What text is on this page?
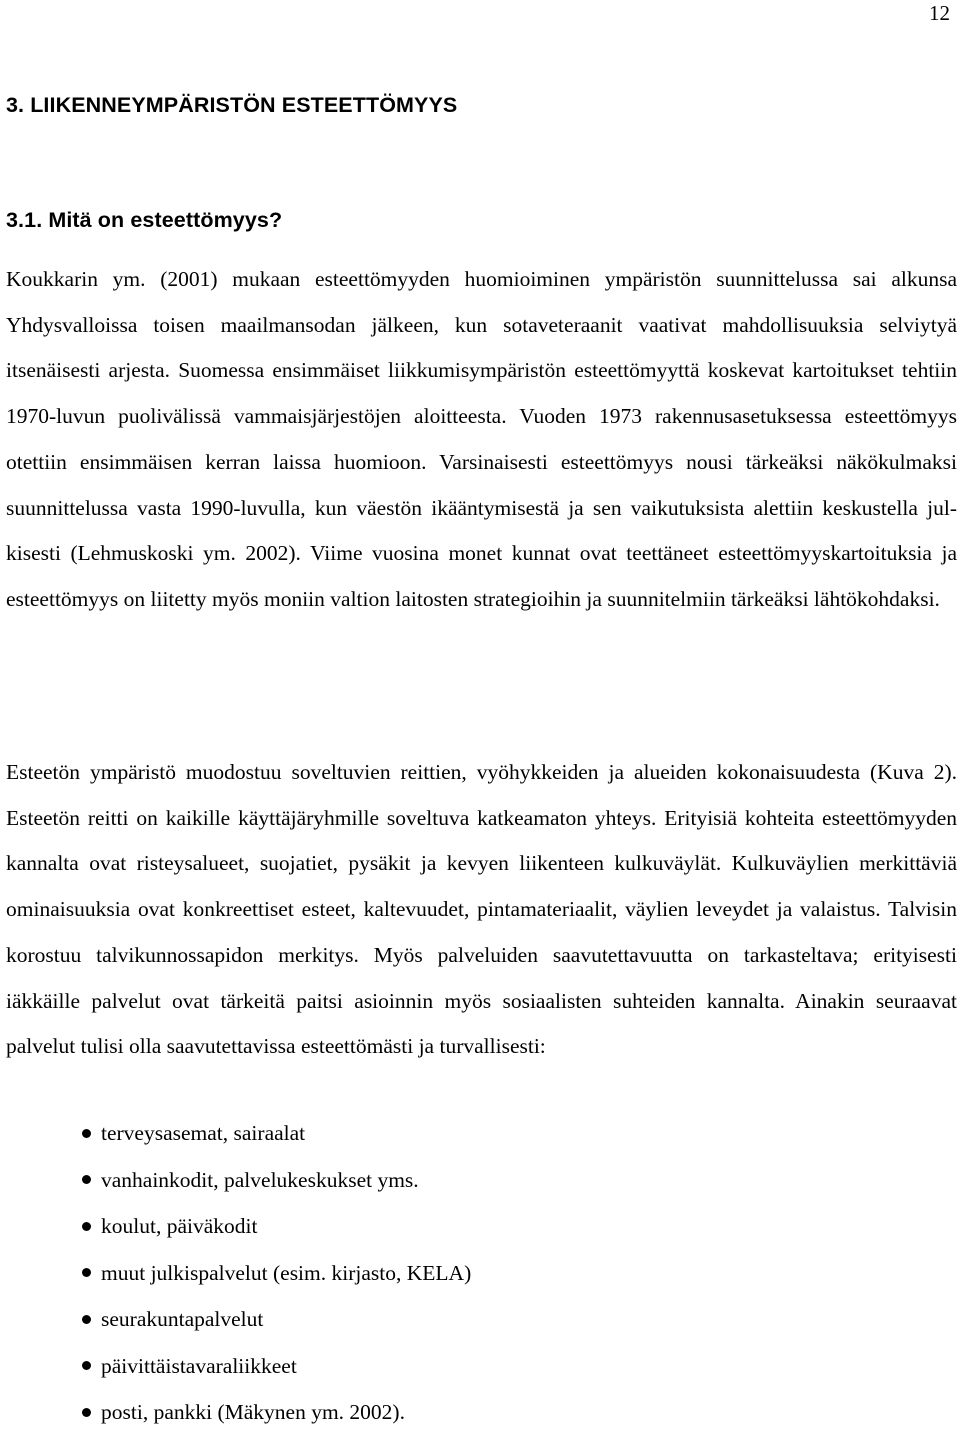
12
3. LIIKENNEYMPÄRISTÖN ESTEETTÖMYYS
3.1. Mitä on esteettömyys?

Koukkarin ym. (2001) mukaan esteettömyyden huomioiminen ympäristön suunnittelussa sai alkunsa Yhdysvalloissa toisen maailmansodan jälkeen, kun sotaveteraanit vaativat mahdollisuuksia selviytyä itsenäisesti arjesta. Suomessa ensimmäiset liikkumisympäristön esteettömyyttä koskevat kartoitukset tehtiin 1970-luvun puolivälissä vammaisjärjestöjen aloitteesta. Vuoden 1973 rakennusasetuksessa esteettömyys otettiin ensimmäisen kerran laissa huomioon. Varsinaisesti esteettömyys nousi tärkeäksi näkökulmaksi suunnittelussa vasta 1990-luvulla, kun väestön ikääntymisestä ja sen vaikutuksista alettiin keskustella julkisesti (Lehmuskoski ym. 2002). Viime vuosina monet kunnat ovat teettäneet esteettömyyskartoituksia ja esteettömyys on liitetty myös moniin valtion laitosten strategioihin ja suunnitelmiin tärkeäksi lähtökohdaksi.

Esteetön ympäristö muodostuu soveltuvien reittien, vyöhykkeiden ja alueiden kokonaisuudesta (Kuva 2). Esteetön reitti on kaikille käyttäjäryhmille soveltuva katkeamaton yhteys. Erityisiä kohteita esteettömyyden kannalta ovat risteysalueet, suojatiet, pysäkit ja kevyen liikenteen kulkuväylät. Kulkuväylien merkittäviä ominaisuuksia ovat konkreettiset esteet, kaltevuudet, pintamateriaalit, väylien leveydet ja valaistus. Talvisin korostuu talvikunnossapidon merkitys. Myös palveluiden saavutettavuutta on tarkasteltava; erityisesti iäkkäille palvelut ovat tärkeitä paitsi asioinnin myös sosiaalisten suhteiden kannalta. Ainakin seuraavat palvelut tulisi olla saavutettavissa esteettömästi ja turvallisesti:

terveysasemat, sairaalat
vanhainkodit, palvelukeskukset yms.
koulut, päiväkodit
muut julkispalvelut (esim. kirjasto, KELA)
seurakuntapalvelut
päivittäistavaraliikkeet
posti, pankki (Mäkynen ym. 2002).
